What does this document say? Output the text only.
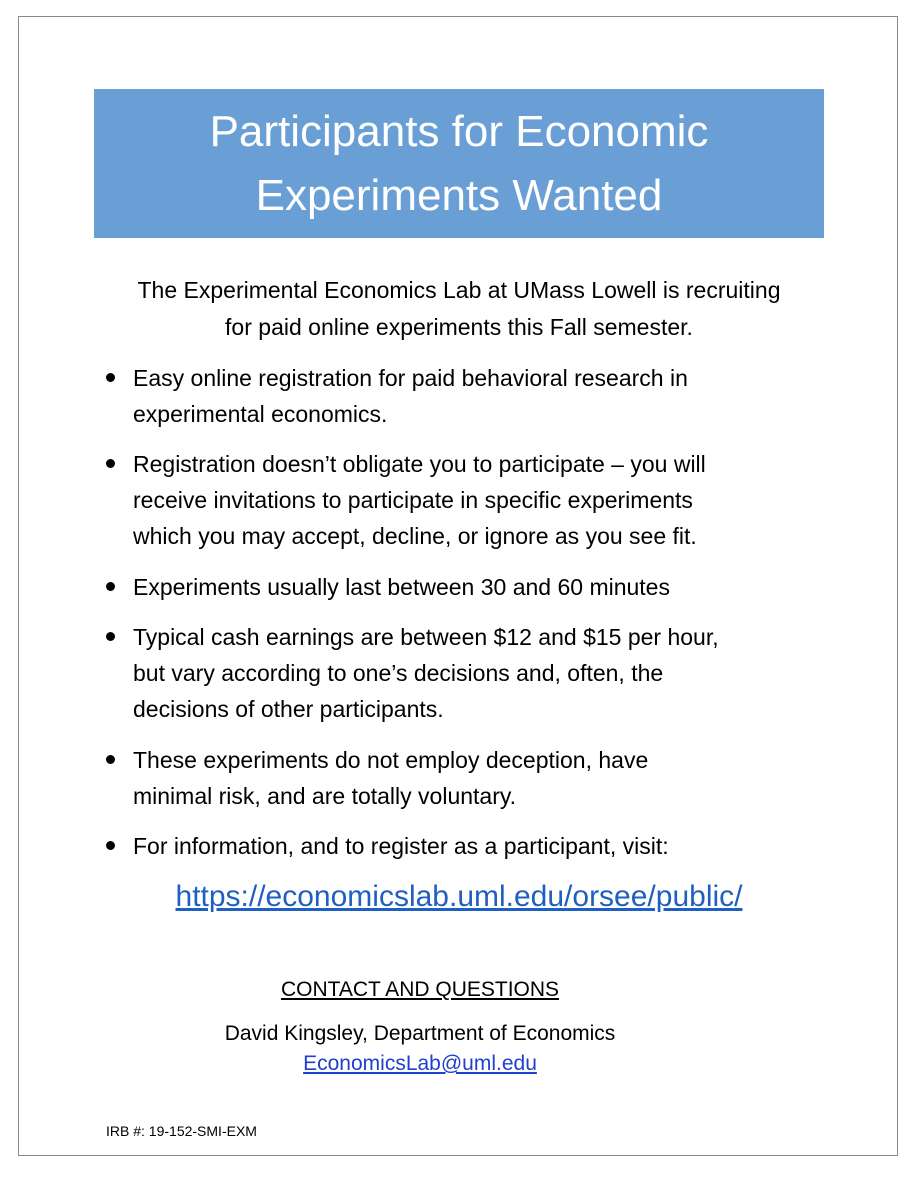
Participants for Economic
Experiments Wanted
The Experimental Economics Lab at UMass Lowell is recruiting
for paid online experiments this Fall semester.
Easy online registration for paid behavioral research in
experimental economics.
Registration doesn’t obligate you to participate – you will
receive invitations to participate in specific experiments
which you may accept, decline, or ignore as you see fit.
Experiments usually last between 30 and 60 minutes
Typical cash earnings are between $12 and $15 per hour,
but vary according to one’s decisions and, often, the
decisions of other participants.
These experiments do not employ deception, have
minimal risk, and are totally voluntary.
For information, and to register as a participant, visit:
https://economicslab.uml.edu/orsee/public/
CONTACT AND QUESTIONS
David Kingsley, Department of Economics
EconomicsLab@uml.edu
IRB #: 19-152-SMI-EXM
